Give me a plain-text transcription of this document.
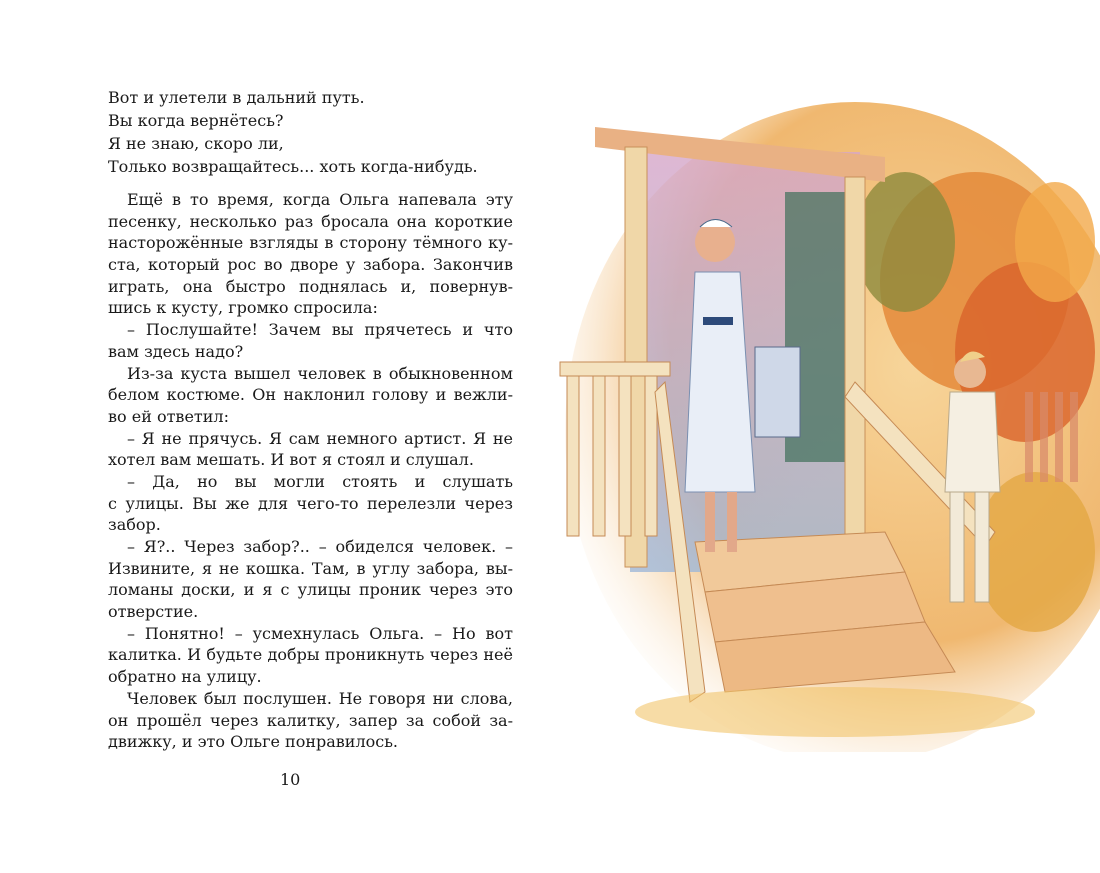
Вот и улетели в дальний путь.
Вы когда вернётесь?
Я не знаю, скоро ли,
Только возвращайтесь... хоть когда-нибудь.
Ещё в то время, когда Ольга напевала эту
песенку, несколько раз бросала она короткие
насторожённые взгляды в сторону тёмного ку-
ста, который рос во дворе у забора. Закончив
играть, она быстро поднялась и, повернув-
шись к кусту, громко спросила:
– Послушайте! Зачем вы прячетесь и что
вам здесь надо?
Из-за куста вышел человек в обыкновенном
белом костюме. Он наклонил голову и вежли-
во ей ответил:
– Я не прячусь. Я сам немного артист. Я не
хотел вам мешать. И вот я стоял и слушал.
– Да, но вы могли стоять и слушать
с улицы. Вы же для чего-то перелезли через
забор.
– Я?.. Через забор?.. – обиделся человек. –
Извините, я не кошка. Там, в углу забора, вы-
ломаны доски, и я с улицы проник через это
отверстие.
– Понятно! – усмехнулась Ольга. – Но вот
калитка. И будьте добры проникнуть через неё
обратно на улицу.
Человек был послушен. Не говоря ни слова,
он прошёл через калитку, запер за собой за-
движку, и это Ольге понравилось.
10
